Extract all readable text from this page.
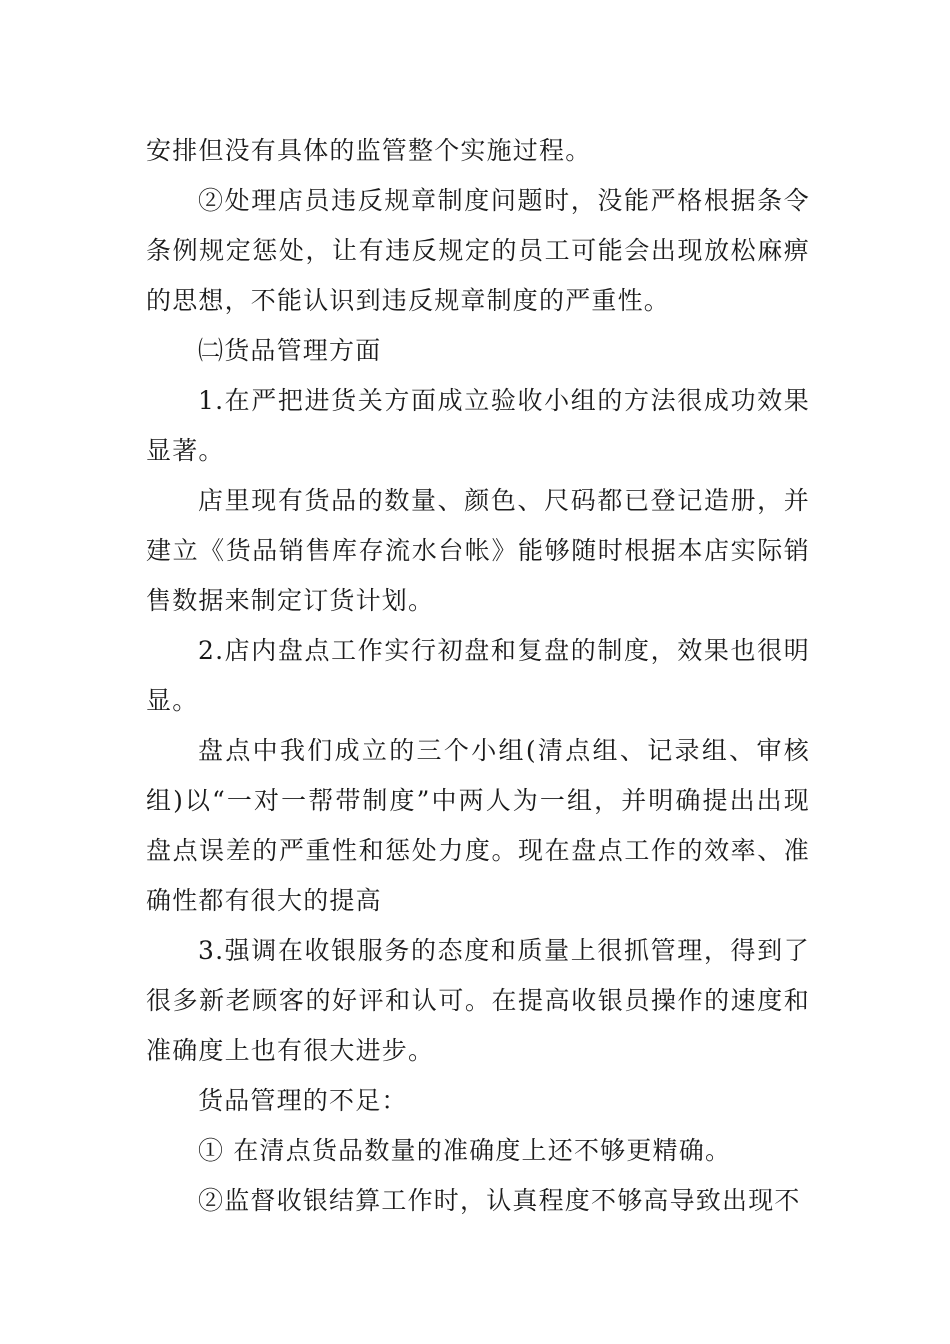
安排但没有具体的监管整个实施过程。

②处理店员违反规章制度问题时，没能严格根据条令条例规定惩处，让有违反规定的员工可能会出现放松麻痹的思想，不能认识到违反规章制度的严重性。

㈡货品管理方面

1.在严把进货关方面成立验收小组的方法很成功效果显著。

店里现有货品的数量、颜色、尺码都已登记造册，并建立《货品销售库存流水台帐》能够随时根据本店实际销售数据来制定订货计划。

2.店内盘点工作实行初盘和复盘的制度，效果也很明显。

盘点中我们成立的三个小组(清点组、记录组、审核组)以“一对一帮带制度”中两人为一组，并明确提出出现盘点误差的严重性和惩处力度。现在盘点工作的效率、准确性都有很大的提高

3.强调在收银服务的态度和质量上很抓管理，得到了很多新老顾客的好评和认可。在提高收银员操作的速度和准确度上也有很大进步。

货品管理的不足：

① 在清点货品数量的准确度上还不够更精确。

②监督收银结算工作时，认真程度不够高导致出现不
